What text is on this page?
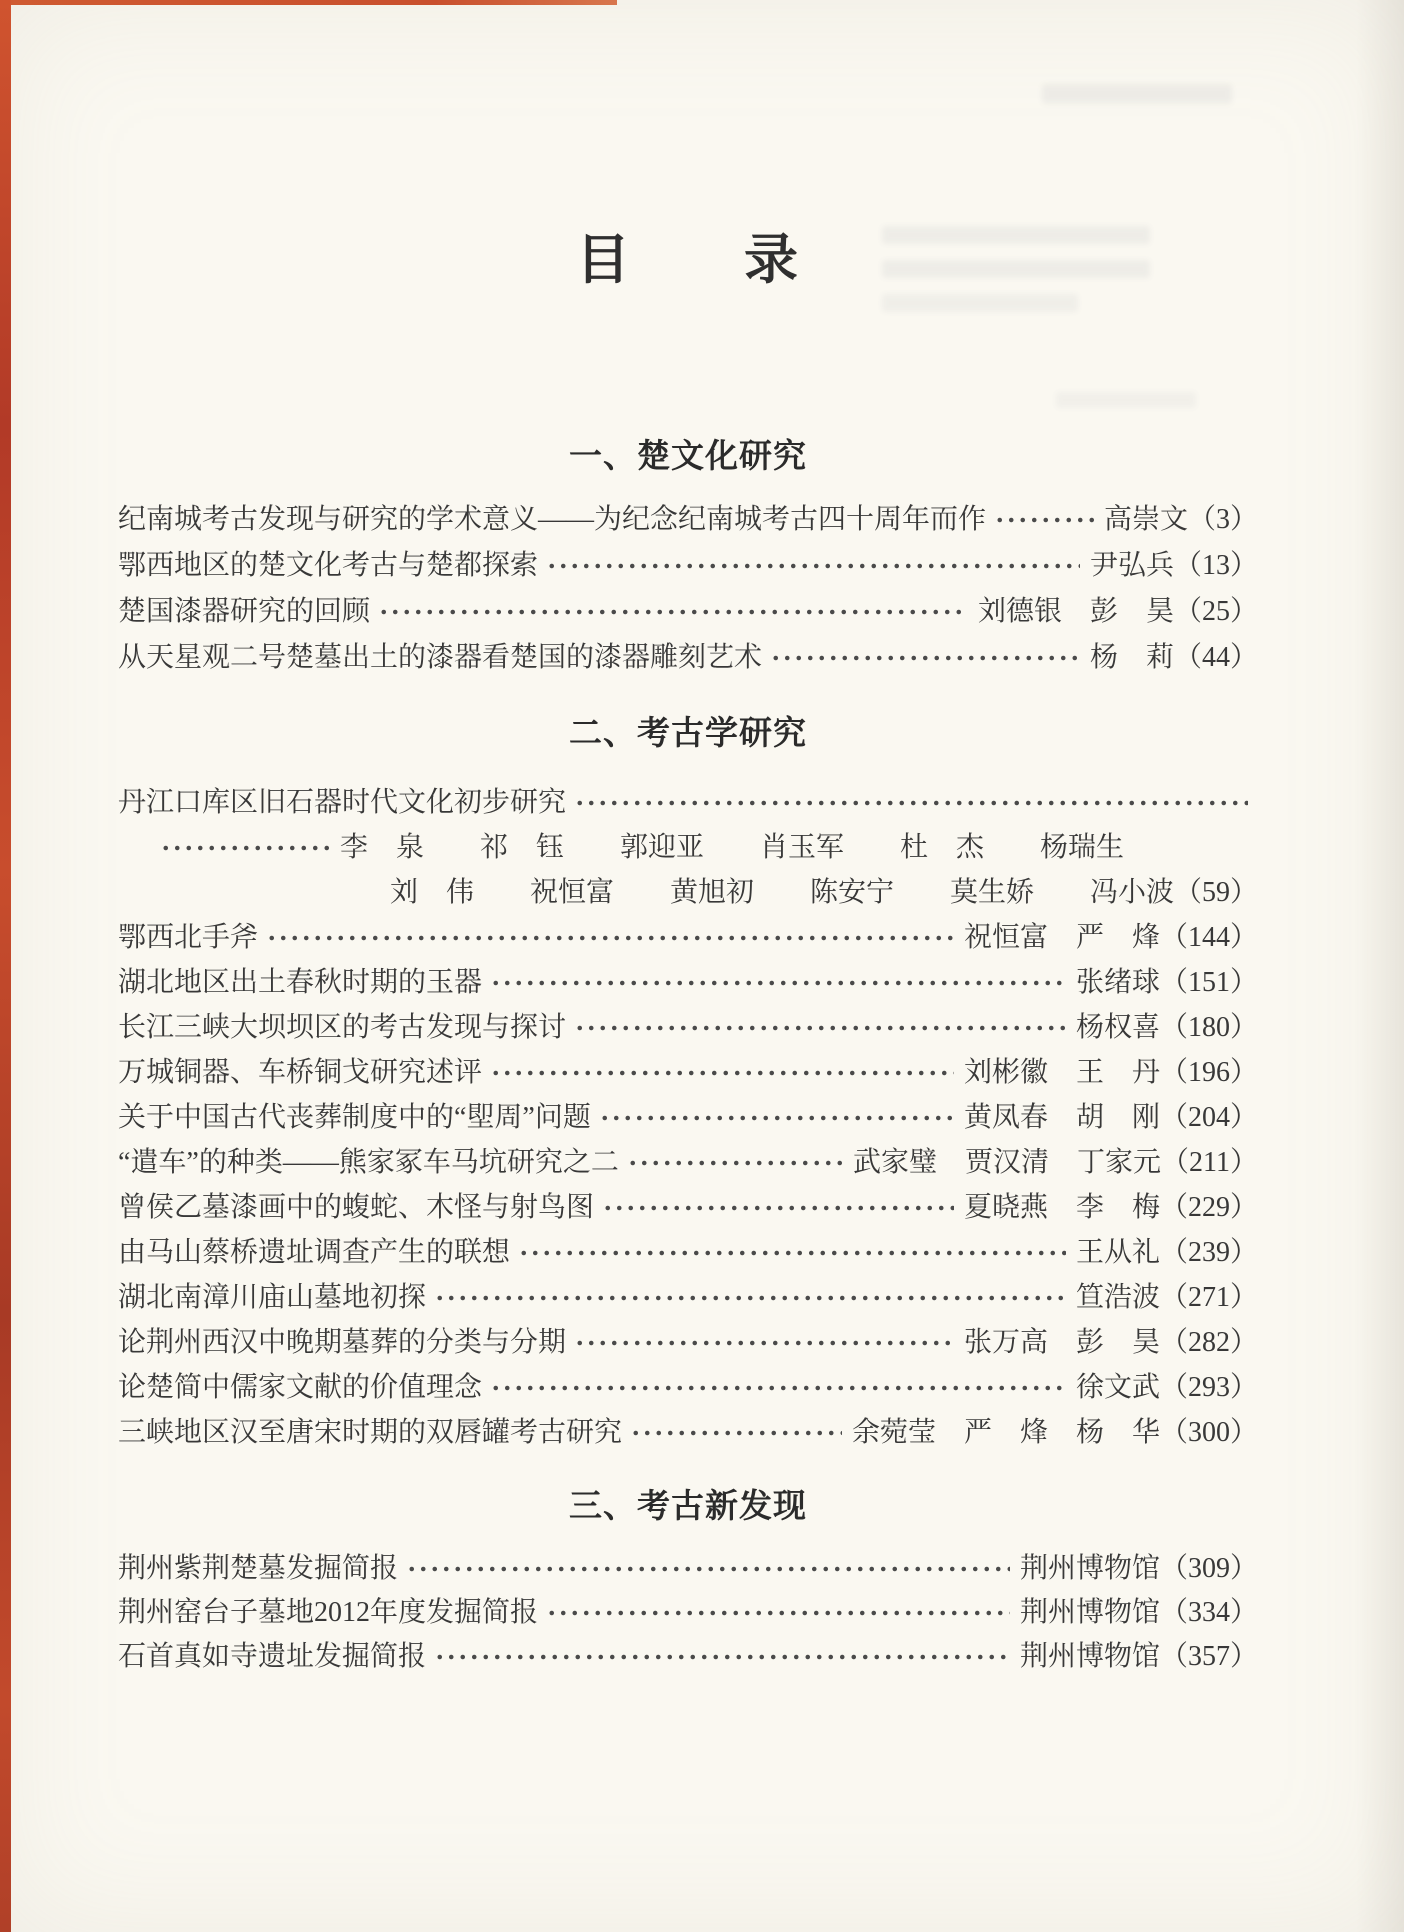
目　　录
一、楚文化研究
纪南城考古发现与研究的学术意义——为纪念纪南城考古四十周年而作	高崇文（3）
鄂西地区的楚文化考古与楚都探索	尹弘兵（13）
楚国漆器研究的回顾	刘德银　彭　昊（25）
从天星观二号楚墓出土的漆器看楚国的漆器雕刻艺术	杨　莉（44）
二、考古学研究
丹江口库区旧石器时代文化初步研究
李　泉　　祁　钰　　郭迎亚　　肖玉军　　杜　杰　　杨瑞生
刘　伟　　祝恒富　　黄旭初　　陈安宁　　莫生娇　　冯小波（59）
鄂西北手斧	祝恒富　严　烽（144）
湖北地区出土春秋时期的玉器	张绪球（151）
长江三峡大坝坝区的考古发现与探讨	杨权喜（180）
万城铜器、车桥铜戈研究述评	刘彬徽　王　丹（196）
关于中国古代丧葬制度中的“堲周”问题	黄凤春　胡　刚（204）
“遣车”的种类——熊家冢车马坑研究之二	武家璧　贾汉清　丁家元（211）
曾侯乙墓漆画中的蝮蛇、木怪与射鸟图	夏晓燕　李　梅（229）
由马山蔡桥遗址调查产生的联想	王从礼（239）
湖北南漳川庙山墓地初探	笪浩波（271）
论荆州西汉中晚期墓葬的分类与分期	张万高　彭　昊（282）
论楚简中儒家文献的价值理念	徐文武（293）
三峡地区汉至唐宋时期的双唇罐考古研究	余菀莹　严　烽　杨　华（300）
三、考古新发现
荆州紫荆楚墓发掘简报	荆州博物馆（309）
荆州窑台子墓地2012年度发掘简报	荆州博物馆（334）
石首真如寺遗址发掘简报	荆州博物馆（357）
